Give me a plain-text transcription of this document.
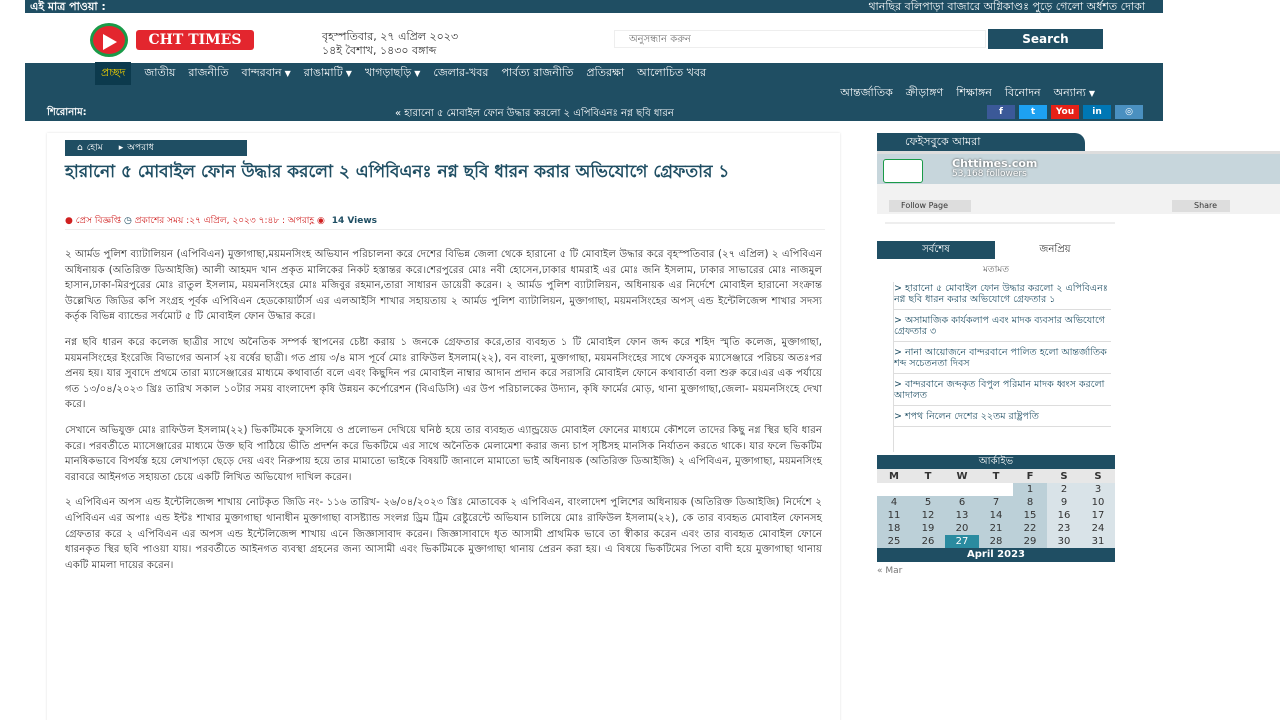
এই মাত্র পাওয়া :	থানছির বলিপাড়া বাজারে অগ্নিকাণ্ডঃ পুড়ে গেলো অর্ধশত দোকা
CHT TIMES	বৃহস্পতিবার, ২৭ এপ্রিল ২০২৩
১৪ই বৈশাখ, ১৪৩০ বঙ্গাব্দ
অনুসন্ধান করুন
Search
প্রচ্ছদ	জাতীয় রাজনীতি বান্দরবান ▼ রাঙামাটি ▼ খাগড়াছড়ি ▼ জেলার-খবর পার্বত্য রাজনীতি প্রতিরক্ষা আলোচিত খবর
আন্তর্জাতিক ক্রীড়াঙ্গণ শিক্ষাঙ্গন বিনোদন অন্যান্য ▼
শিরোনাম:	« হারানো ৫ মোবাইল ফোন উদ্ধার করলো ২ এপিবিএনঃ নগ্ন ছবি ধারন	f	t	You	in	◎
⌂ হোম ▸ অপরাধ
হারানো ৫ মোবাইল ফোন উদ্ধার করলো ২ এপিবিএনঃ নগ্ন ছবি ধারন করার অভিযোগে গ্রেফতার ১
● প্রেস বিজ্ঞপ্তি ◷ প্রকাশের সময় :২৭ এপ্রিল, ২০২৩ ৭:৪৮ : অপরাহ্ণ ◉ 14 Views

২ আর্মড পুলিশ ব্যাটালিয়ন (এপিবিএন) মুক্তাগাছা,ময়মনসিংহ অভিযান পরিচালনা করে দেশের বিভিন্ন জেলা থেকে হারানো ৫ টি মোবাইল উদ্ধার করে বৃহস্পতিবার (২৭ এপ্রিল) ২ এপিবিএন অধিনায়ক (অতিরিক্ত ডিআইজি) আলী আহমদ খান প্রকৃত মালিকের নিকট হস্তান্তর করে।শেরপুরের মোঃ নবী হোসেন,ঢাকার ধামরাই এর মোঃ জনি ইসলাম, ঢাকার সাভারের মোঃ নাজমুল হাসান,ঢাকা-মিরপুরের মোঃ রাতুল ইসলাম, ময়মনসিংহের মোঃ মজিবুর রহমান,তারা সাধারন ডায়েরী করেন। ২ আর্মড পুলিশ ব্যাটালিয়ন, অধিনায়ক এর নির্দেশে মোবাইল হারানো সংক্রান্ত উল্লেখিত জিডির কপি সংগ্রহ পূর্বক এপিবিএন হেডকোয়ার্টার্স এর এলআইসি শাখার সহায়তায় ২ আর্মড পুলিশ ব্যাটালিয়ন, মুক্তাগাছা, ময়মনসিংহের অপস্ এন্ড ইন্টেলিজেন্স শাখার সদস্য কর্তৃক বিভিন্ন ব্যান্ডের সর্বমোট ৫ টি মোবাইল ফোন উদ্ধার করে।

নগ্ন ছবি ধারন করে কলেজ ছাত্রীর সাথে অনৈতিক সম্পর্ক স্থাপনের চেষ্টা করায় ১ জনকে গ্রেফতার করে,তার ব্যবহৃত ১ টি মোবাইল ফোন জব্দ করে শহিদ স্মৃতি কলেজ, মুক্তাগাছা, ময়মনসিংহের ইংরেজি বিভাগের অনার্স ২য় বর্ষের ছাত্রী। গত প্রায় ৩/৪ মাস পূর্বে মোঃ রাফিউল ইসলাম(২২), বন বাংলা, মুক্তাগাছা, ময়মনসিংহের সাথে ফেসবুক ম্যাসেঞ্জারে পরিচয় অতঃপর প্রনয় হয়। যার সুবাদে প্রথমে তারা ম্যাসেঞ্জারের মাধ্যমে কথাবার্তা বলে এবং কিছুদিন পর মোবাইল নাম্বার আদান প্রদান করে সরাসরি মোবাইল ফোনে কথাবার্তা বলা শুরু করে।এর এক পর্যায়ে গত ১৩/০৪/২০২৩ খ্রিঃ তারিখ সকাল ১০টার সময় বাংলাদেশ কৃষি উন্নয়ন কর্পোরেশন (বিএডিসি) এর উপ পরিচালকের উদ্যান, কৃষি ফার্মের মোড়, থানা মুক্তাগাছা,জেলা- ময়মনসিংহে দেখা করে।

সেখানে অভিযুক্ত মোঃ রাফিউল ইসলাম(২২) ভিকটিমকে ফুসলিয়ে ও প্রলোভন দেখিয়ে ঘনিষ্ঠ হয়ে তার ব্যবহৃত এ্যান্ড্রয়েড মোবাইল ফোনের মাধ্যমে কৌশলে তাদের কিছু নগ্ন স্থির ছবি ধারন করে। পরবর্তীতে ম্যাসেঞ্জারের মাধ্যমে উক্ত ছবি পাঠিয়ে ভীতি প্রদর্শন করে ভিকটিমে এর সাথে অনৈতিক মেলামেশা করার জন্য চাপ সৃষ্টিসহ মানসিক নির্যাতন করতে থাকে। যার ফলে ভিকটিম মানষিকভাবে বিপর্যস্ত হয়ে লেখাপড়া ছেড়ে দেয় এবং নিরুপায় হয়ে তার মামাতো ভাইকে বিষয়টি জানালে মামাতো ভাই অধিনায়ক (অতিরিক্ত ডিআইজি) ২ এপিবিএন, মুক্তাগাছা, ময়মনসিংহ বরাবরে আইনগত সহায়তা চেয়ে একটি লিখিত অভিযোগ দাখিল করেন।

২ এপিবিএন অপস এন্ড ইন্টেলিজেন্স শাখায় নোটকৃত জিডি নং- ১১৬ তারিখ- ২৬/০৪/২০২৩ খ্রিঃ মোতাবেক ২ এপিবিএন, বাংলাদেশ পুলিশের অধিনায়ক (অতিরিক্ত ডিআইজি) নির্দেশে ২ এপিবিএন এর অপাঃ এন্ড ইন্টঃ শাখার মুক্তাগাছা থানাধীন মুক্তাগাছা বাসষ্ট্যান্ড সংলগ্ন ড্রিম ট্রিম রেষ্টুরেন্টে অভিযান চালিয়ে মোঃ রাফিউল ইসলাম(২২), কে তার ব্যবহৃত মোবাইল ফোনসহ গ্রেফতার করে ২ এপিবিএন এর অপস এন্ড ইন্টেলিজেন্স শাখায় এনে জিজ্ঞাসাবাদ করেন। জিজ্ঞাসাবাদে ধৃত আসামী প্রাথমিক ভাবে তা স্বীকার করেন এবং তার ব্যবহৃত মোবাইল ফোনে ধারনকৃত স্থির ছবি পাওয়া যায়। পরবর্তীতে আইনগত ব্যবস্থা গ্রহনের জন্য আসামী এবং ভিকটিমকে মুক্তাগাছা থানায় প্রেরন করা হয়। এ বিষয়ে ভিকটিমের পিতা বাদী হয়ে মুক্তাগাছা থানায় একটি মামলা দায়ের করেন।

ফেইসবুকে আমরা
Chttimes.com
53,168 followers
Follow Page	Share
সর্বশেষ	জনপ্রিয়
মতামত
> হারানো ৫ মোবাইল ফোন উদ্ধার করলো ২ এপিবিএনঃ নগ্ন ছবি ধারন করার অভিযোগে গ্রেফতার ১
> অসামাজিক কার্যকলাপ এবং মাদক ব্যবসার অভিযোগে গ্রেফতার ৩
> নানা আয়োজনে বান্দরবানে পালিত হলো আন্তর্জাতিক শব্দ সচেতনতা দিবস
> বান্দরবানে জব্দকৃত বিপুল পরিমান মাদক ধ্বংস করলো আদালত
> শপথ নিলেন দেশের ২২তম রাষ্ট্রপতি
আর্কাইভ
M	T	W	T	F	S	S
				1	2	3
4	5	6	7	8	9	10
11	12	13	14	15	16	17
18	19	20	21	22	23	24
25	26	27	28	29	30	31
April 2023
« Mar
